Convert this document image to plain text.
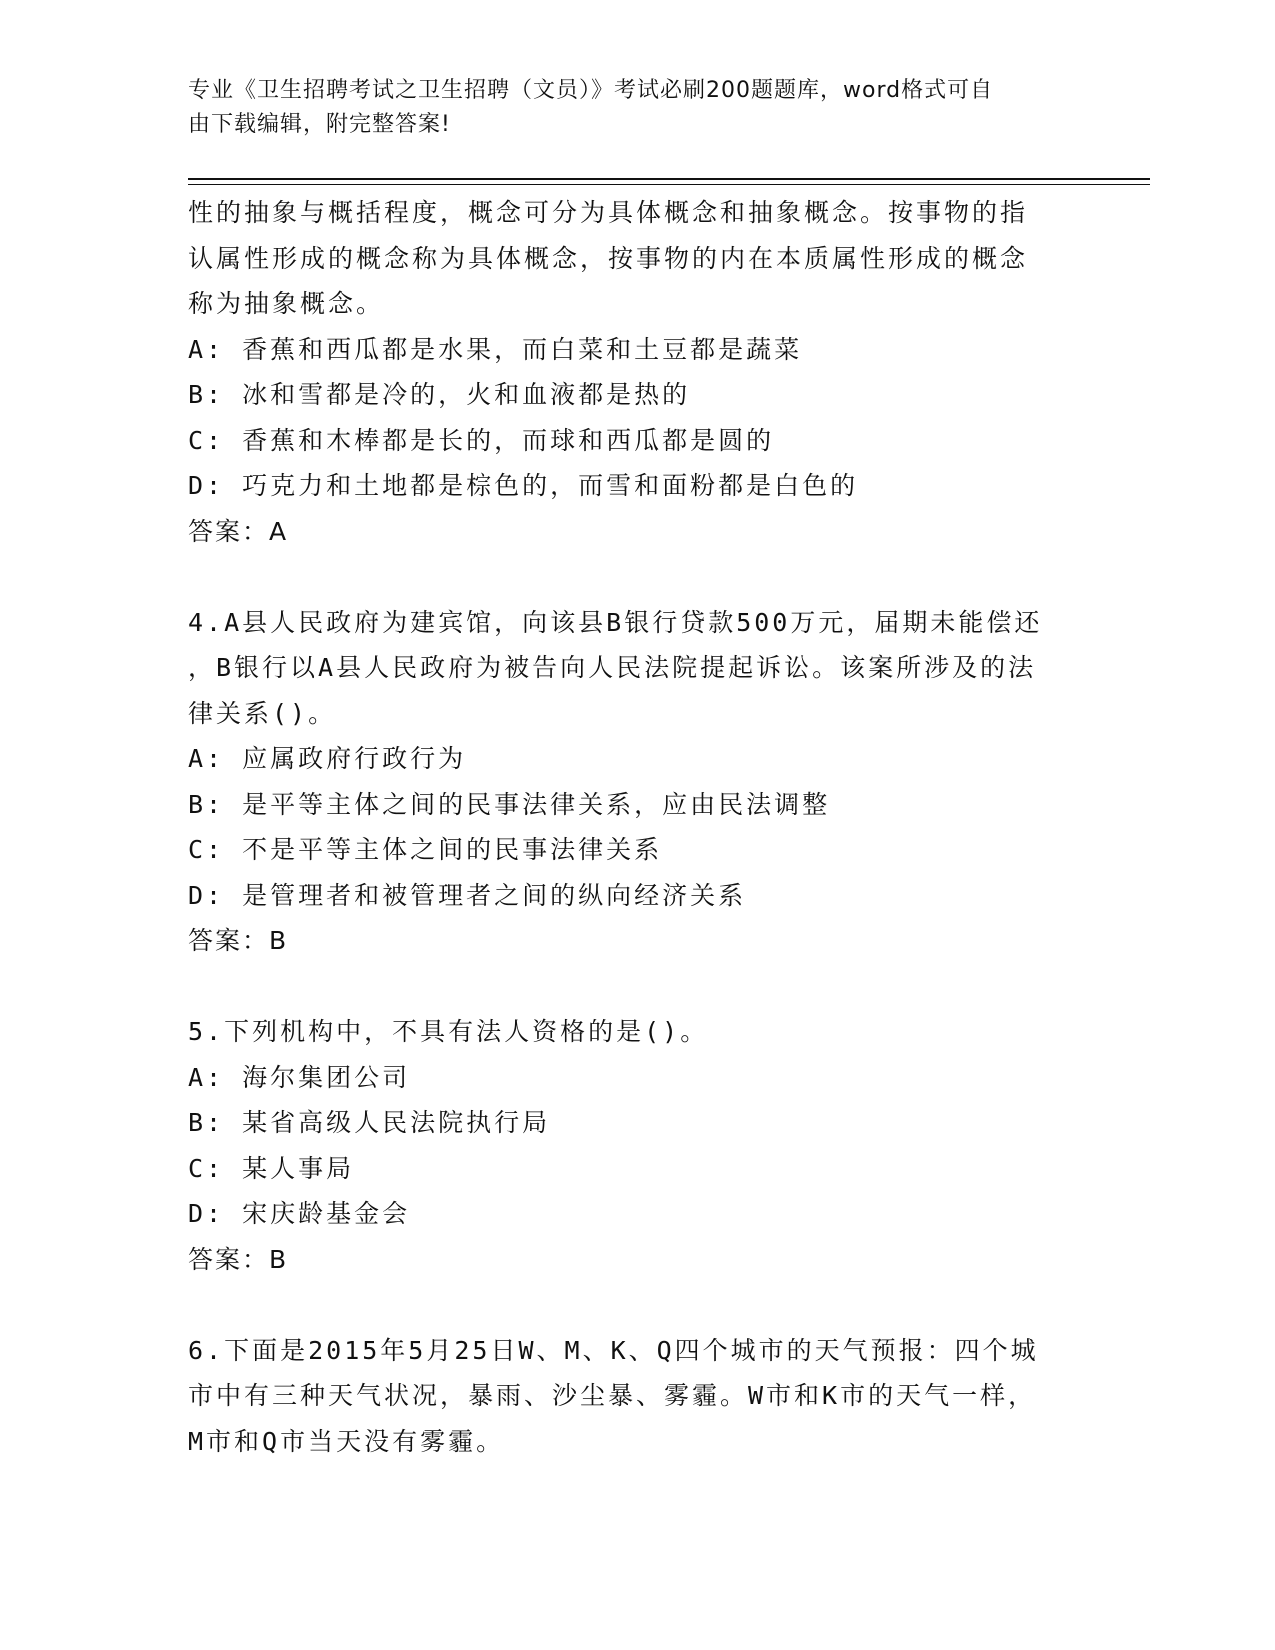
专业《卫生招聘考试之卫生招聘（文员）》考试必刷200题题库，word格式可自
由下载编辑，附完整答案!
性的抽象与概括程度，概念可分为具体概念和抽象概念。按事物的指
认属性形成的概念称为具体概念，按事物的内在本质属性形成的概念
称为抽象概念。
A: 香蕉和西瓜都是水果，而白菜和土豆都是蔬菜
B: 冰和雪都是冷的，火和血液都是热的
C: 香蕉和木棒都是长的，而球和西瓜都是圆的
D: 巧克力和土地都是棕色的，而雪和面粉都是白色的
答案：A
4.A县人民政府为建宾馆，向该县B银行贷款500万元，届期未能偿还
，B银行以A县人民政府为被告向人民法院提起诉讼。该案所涉及的法
律关系()。
A: 应属政府行政行为
B: 是平等主体之间的民事法律关系，应由民法调整
C: 不是平等主体之间的民事法律关系
D: 是管理者和被管理者之间的纵向经济关系
答案：B
5.下列机构中，不具有法人资格的是()。
A: 海尔集团公司
B: 某省高级人民法院执行局
C: 某人事局
D: 宋庆龄基金会
答案：B
6.下面是2015年5月25日W、M、K、Q四个城市的天气预报：四个城
市中有三种天气状况，暴雨、沙尘暴、雾霾。W市和K市的天气一样，
M市和Q市当天没有雾霾。
